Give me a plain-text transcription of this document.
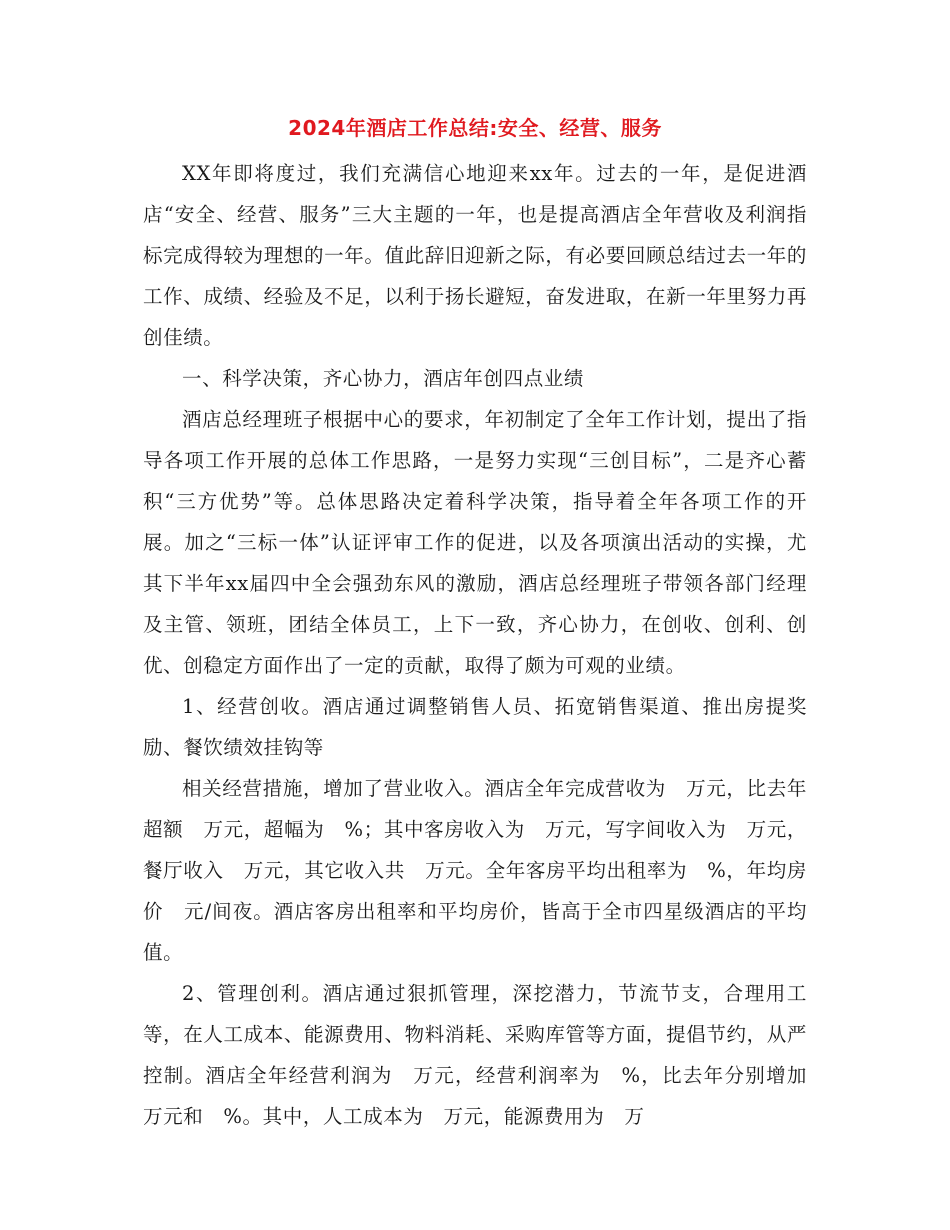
2024年酒店工作总结:安全、经营、服务

XX年即将度过，我们充满信心地迎来xx年。过去的一年，是促进酒店“安全、经营、服务”三大主题的一年，也是提高酒店全年营收及利润指标完成得较为理想的一年。值此辞旧迎新之际，有必要回顾总结过去一年的工作、成绩、经验及不足，以利于扬长避短，奋发进取，在新一年里努力再创佳绩。

一、科学决策，齐心协力，酒店年创四点业绩

酒店总经理班子根据中心的要求，年初制定了全年工作计划，提出了指导各项工作开展的总体工作思路，一是努力实现“三创目标”，二是齐心蓄积“三方优势”等。总体思路决定着科学决策，指导着全年各项工作的开展。加之“三标一体”认证评审工作的促进，以及各项演出活动的实操，尤其下半年xx届四中全会强劲东风的激励，酒店总经理班子带领各部门经理及主管、领班，团结全体员工，上下一致，齐心协力，在创收、创利、创优、创稳定方面作出了一定的贡献，取得了颇为可观的业绩。

1、经营创收。酒店通过调整销售人员、拓宽销售渠道、推出房提奖励、餐饮绩效挂钩等

相关经营措施，增加了营业收入。酒店全年完成营收为　万元，比去年超额　万元，超幅为　%；其中客房收入为　万元，写字间收入为　万元，餐厅收入　万元，其它收入共　万元。全年客房平均出租率为　%，年均房价　元/间夜。酒店客房出租率和平均房价，皆高于全市四星级酒店的平均值。

2、管理创利。酒店通过狠抓管理，深挖潜力，节流节支，合理用工等，在人工成本、能源费用、物料消耗、采购库管等方面，提倡节约，从严控制。酒店全年经营利润为　万元，经营利润率为　%，比去年分别增加　万元和　%。其中，人工成本为　万元，能源费用为　万
